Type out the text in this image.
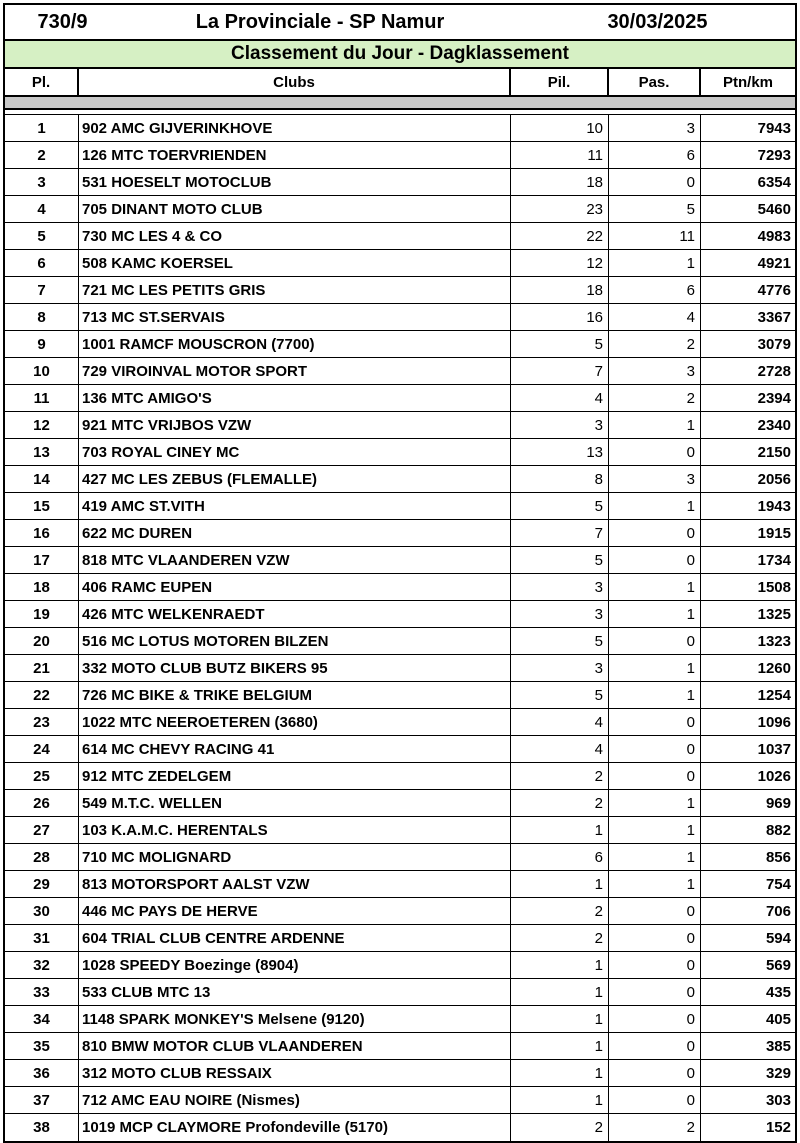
730/9	La Provinciale - SP Namur	30/03/2025
Classement du Jour - Dagklassement
Pl.	Clubs	Pil.	Pas.	Ptn/km
1	902 AMC GIJVERINKHOVE	10	3	7943
2	126 MTC TOERVRIENDEN	11	6	7293
3	531 HOESELT MOTOCLUB	18	0	6354
4	705 DINANT MOTO CLUB	23	5	5460
5	730 MC LES 4 & CO	22	11	4983
6	508 KAMC KOERSEL	12	1	4921
7	721 MC LES PETITS GRIS	18	6	4776
8	713 MC ST.SERVAIS	16	4	3367
9	1001 RAMCF MOUSCRON (7700)	5	2	3079
10	729 VIROINVAL MOTOR SPORT	7	3	2728
11	136 MTC AMIGO'S	4	2	2394
12	921 MTC VRIJBOS VZW	3	1	2340
13	703 ROYAL CINEY MC	13	0	2150
14	427 MC LES ZEBUS (FLEMALLE)	8	3	2056
15	419 AMC ST.VITH	5	1	1943
16	622 MC DUREN	7	0	1915
17	818 MTC VLAANDEREN VZW	5	0	1734
18	406 RAMC EUPEN	3	1	1508
19	426 MTC WELKENRAEDT	3	1	1325
20	516 MC LOTUS MOTOREN BILZEN	5	0	1323
21	332 MOTO CLUB BUTZ BIKERS 95	3	1	1260
22	726 MC BIKE & TRIKE BELGIUM	5	1	1254
23	1022 MTC NEEROETEREN (3680)	4	0	1096
24	614 MC CHEVY RACING 41	4	0	1037
25	912 MTC ZEDELGEM	2	0	1026
26	549 M.T.C. WELLEN	2	1	969
27	103 K.A.M.C. HERENTALS	1	1	882
28	710 MC MOLIGNARD	6	1	856
29	813 MOTORSPORT AALST VZW	1	1	754
30	446 MC PAYS DE HERVE	2	0	706
31	604 TRIAL CLUB CENTRE ARDENNE	2	0	594
32	1028 SPEEDY Boezinge (8904)	1	0	569
33	533 CLUB MTC 13	1	0	435
34	1148 SPARK MONKEY'S Melsene (9120)	1	0	405
35	810 BMW MOTOR CLUB VLAANDEREN	1	0	385
36	312 MOTO CLUB RESSAIX	1	0	329
37	712 AMC EAU NOIRE (Nismes)	1	0	303
38	1019 MCP CLAYMORE Profondeville (5170)	2	2	152
